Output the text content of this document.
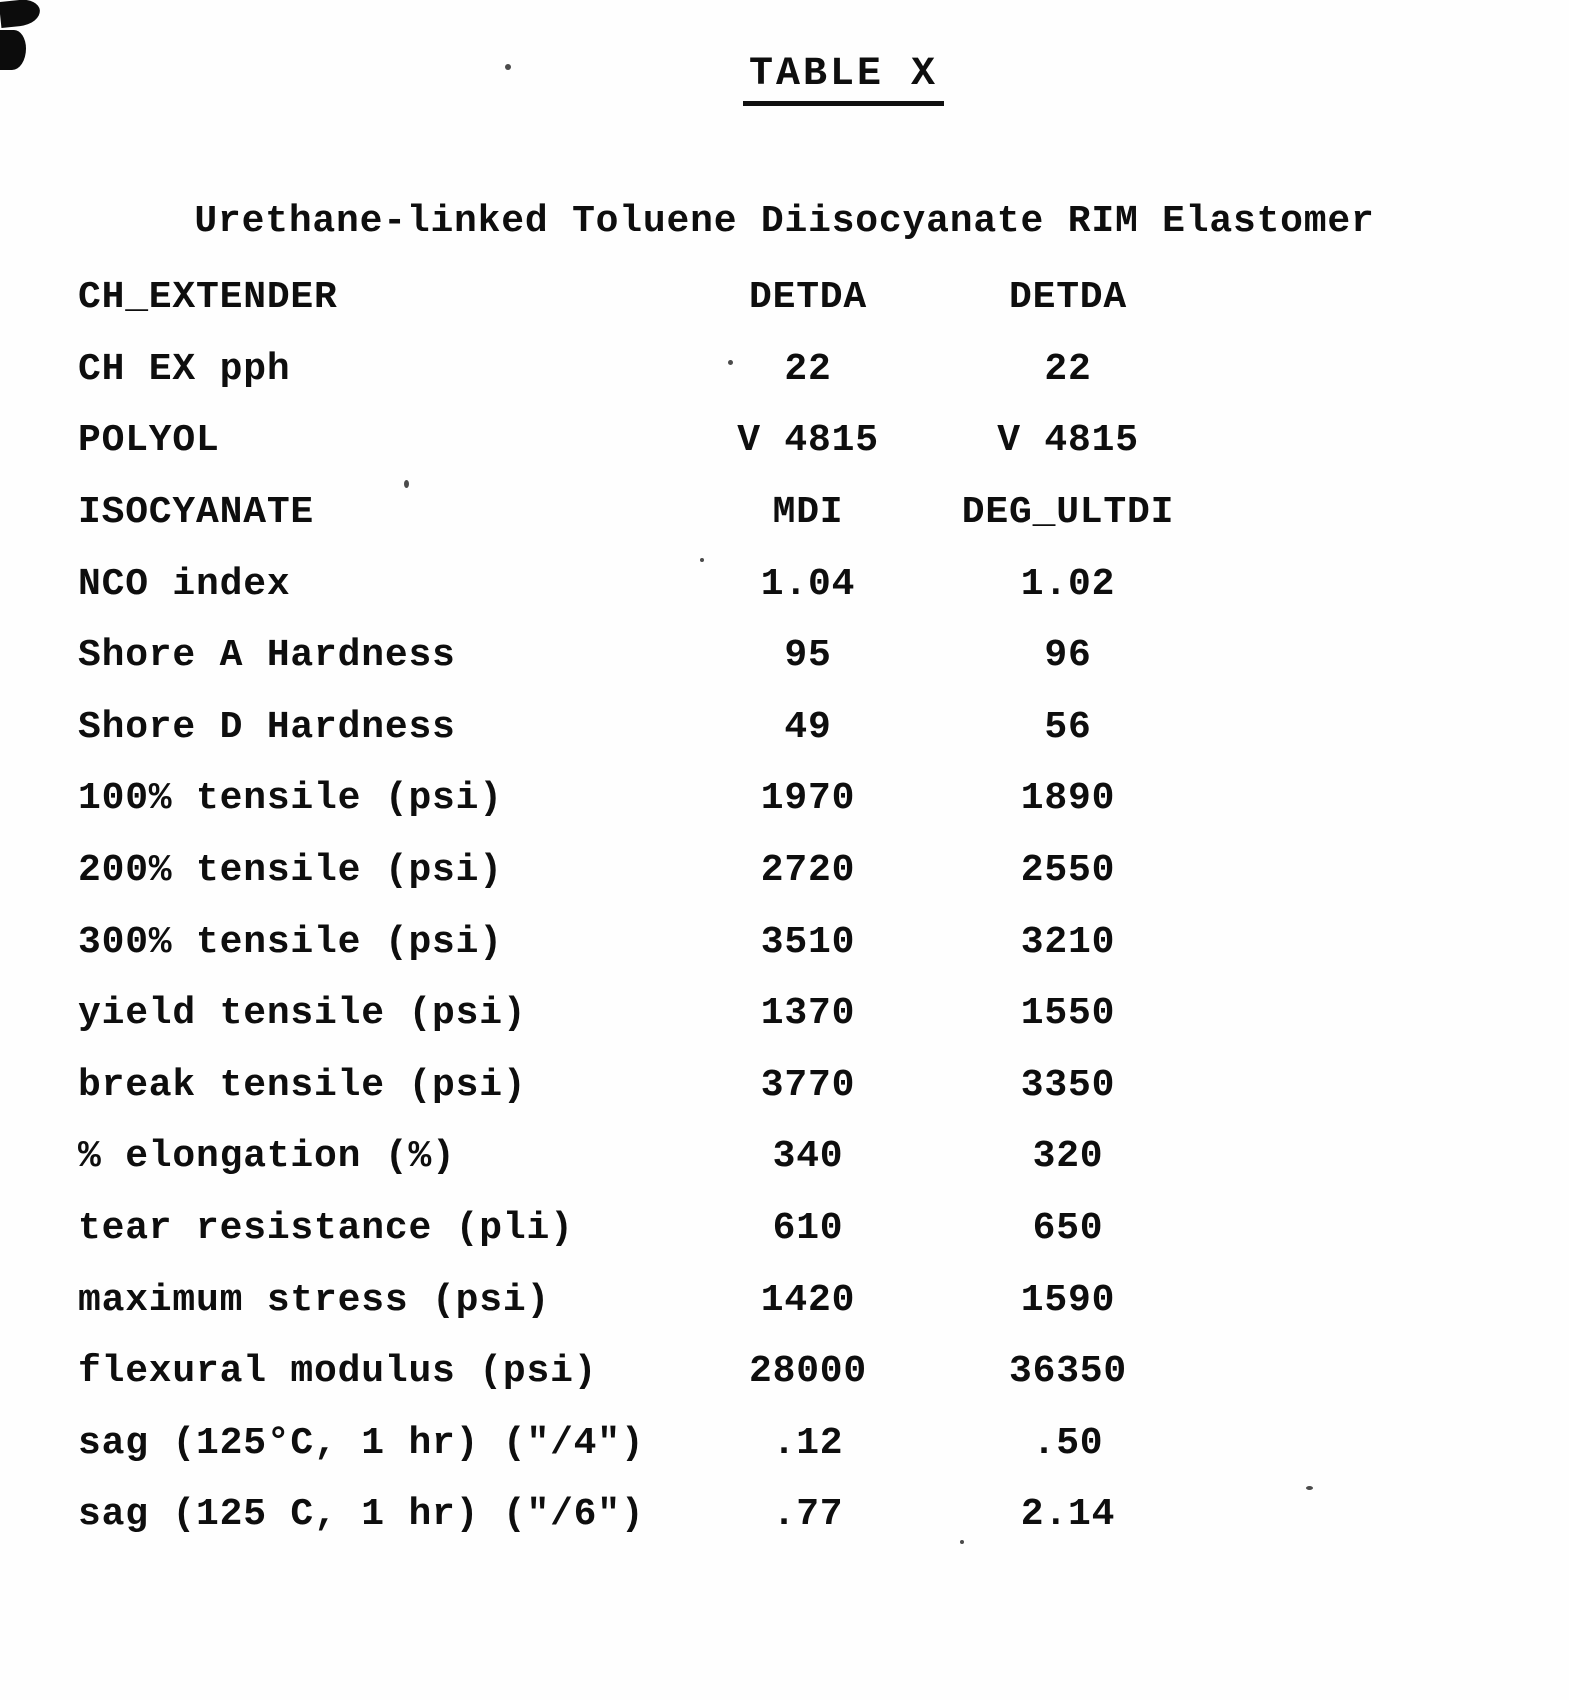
TABLE X
Urethane-linked Toluene Diisocyanate RIM Elastomer
CH_EXTENDER	DETDA	DETDA
CH EX pph	22	22
POLYOL	V 4815	V 4815
ISOCYANATE	MDI	DEG_ULTDI
NCO index	1.04	1.02
Shore A Hardness	95	96
Shore D Hardness	49	56
100% tensile (psi)	1970	1890
200% tensile (psi)	2720	2550
300% tensile (psi)	3510	3210
yield tensile (psi)	1370	1550
break tensile (psi)	3770	3350
% elongation (%)	340	320
tear resistance (pli)	610	650
maximum stress (psi)	1420	1590
flexural modulus (psi)	28000	36350
sag (125°C, 1 hr) ("/4")	.12	.50
sag (125 C, 1 hr) ("/6")	.77	2.14
